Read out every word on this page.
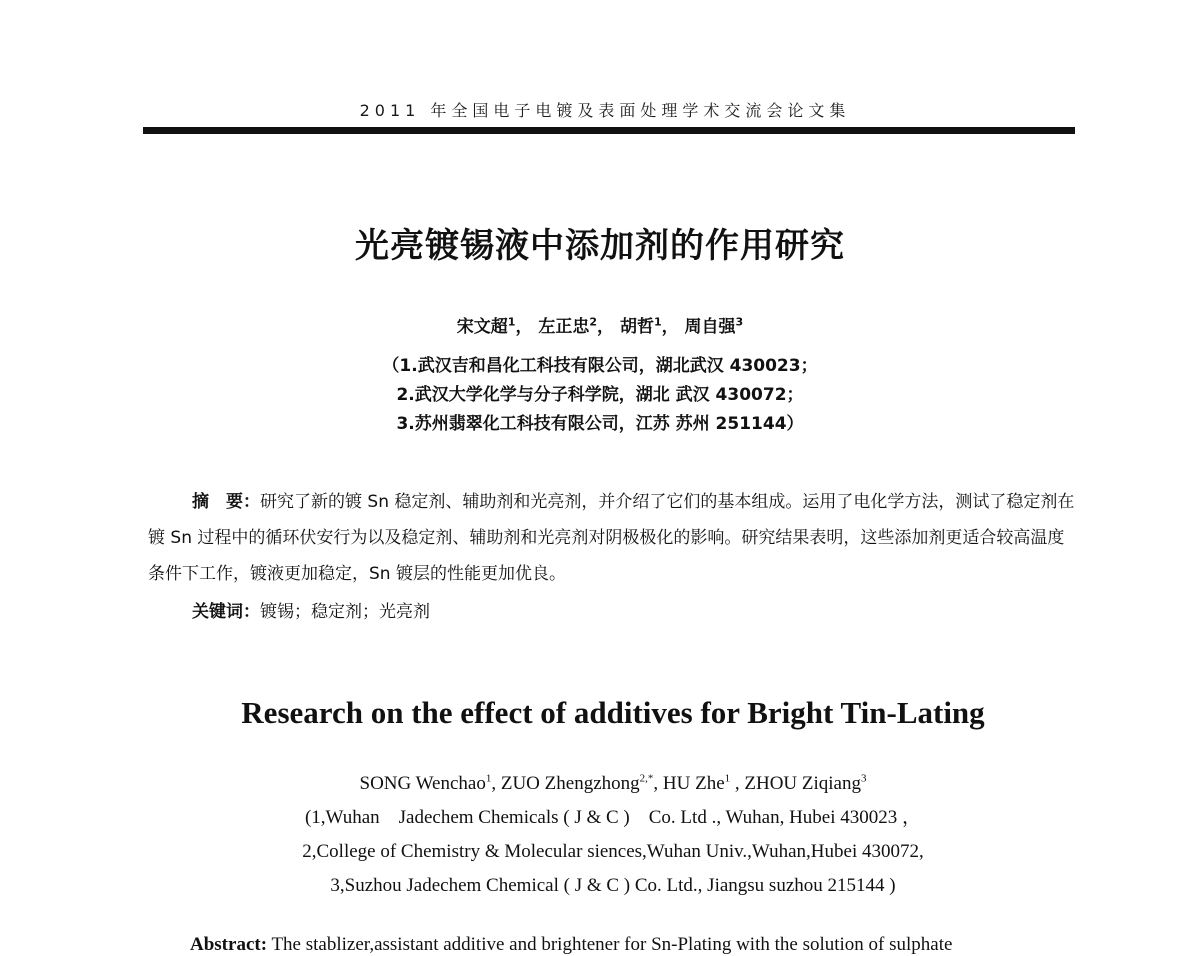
2011 年全国电子电镀及表面处理学术交流会论文集
光亮镀锡液中添加剂的作用研究
宋文超$^1$， 左正忠$^2$， 胡哲$^1$， 周自强$^3$
（1.武汉吉和昌化工科技有限公司，湖北武汉 430023；
2.武汉大学化学与分子科学院，湖北 武汉 430072；
3.苏州翡翠化工科技有限公司，江苏 苏州 251144）

摘　要：研究了新的镀 Sn 稳定剂、辅助剂和光亮剂，并介绍了它们的基本组成。运用了电化学方法，测试了稳定剂在镀 Sn 过程中的循环伏安行为以及稳定剂、辅助剂和光亮剂对阴极极化的影响。研究结果表明，这些添加剂更适合较高温度条件下工作，镀液更加稳定，Sn 镀层的性能更加优良。

关键词：镀锡；稳定剂；光亮剂

Research on the effect of additives for Bright Tin-Lating
SONG Wenchao$^1$, ZUO Zhengzhong$^{2,*}$, HU Zhe$^1$ , ZHOU Ziqiang$^3$
(1,Wuhan　Jadechem Chemicals ( J & C )　Co. Ltd ., Wuhan, Hubei 430023 ，
2,College of Chemistry & Molecular siences,Wuhan Univ.,Wuhan,Hubei 430072,
3,Suzhou Jadechem Chemical ( J & C ) Co. Ltd., Jiangsu suzhou 215144 )
Abstract: The stablizer,assistant additive and brightener for Sn-Plating with the solution of sulphate
